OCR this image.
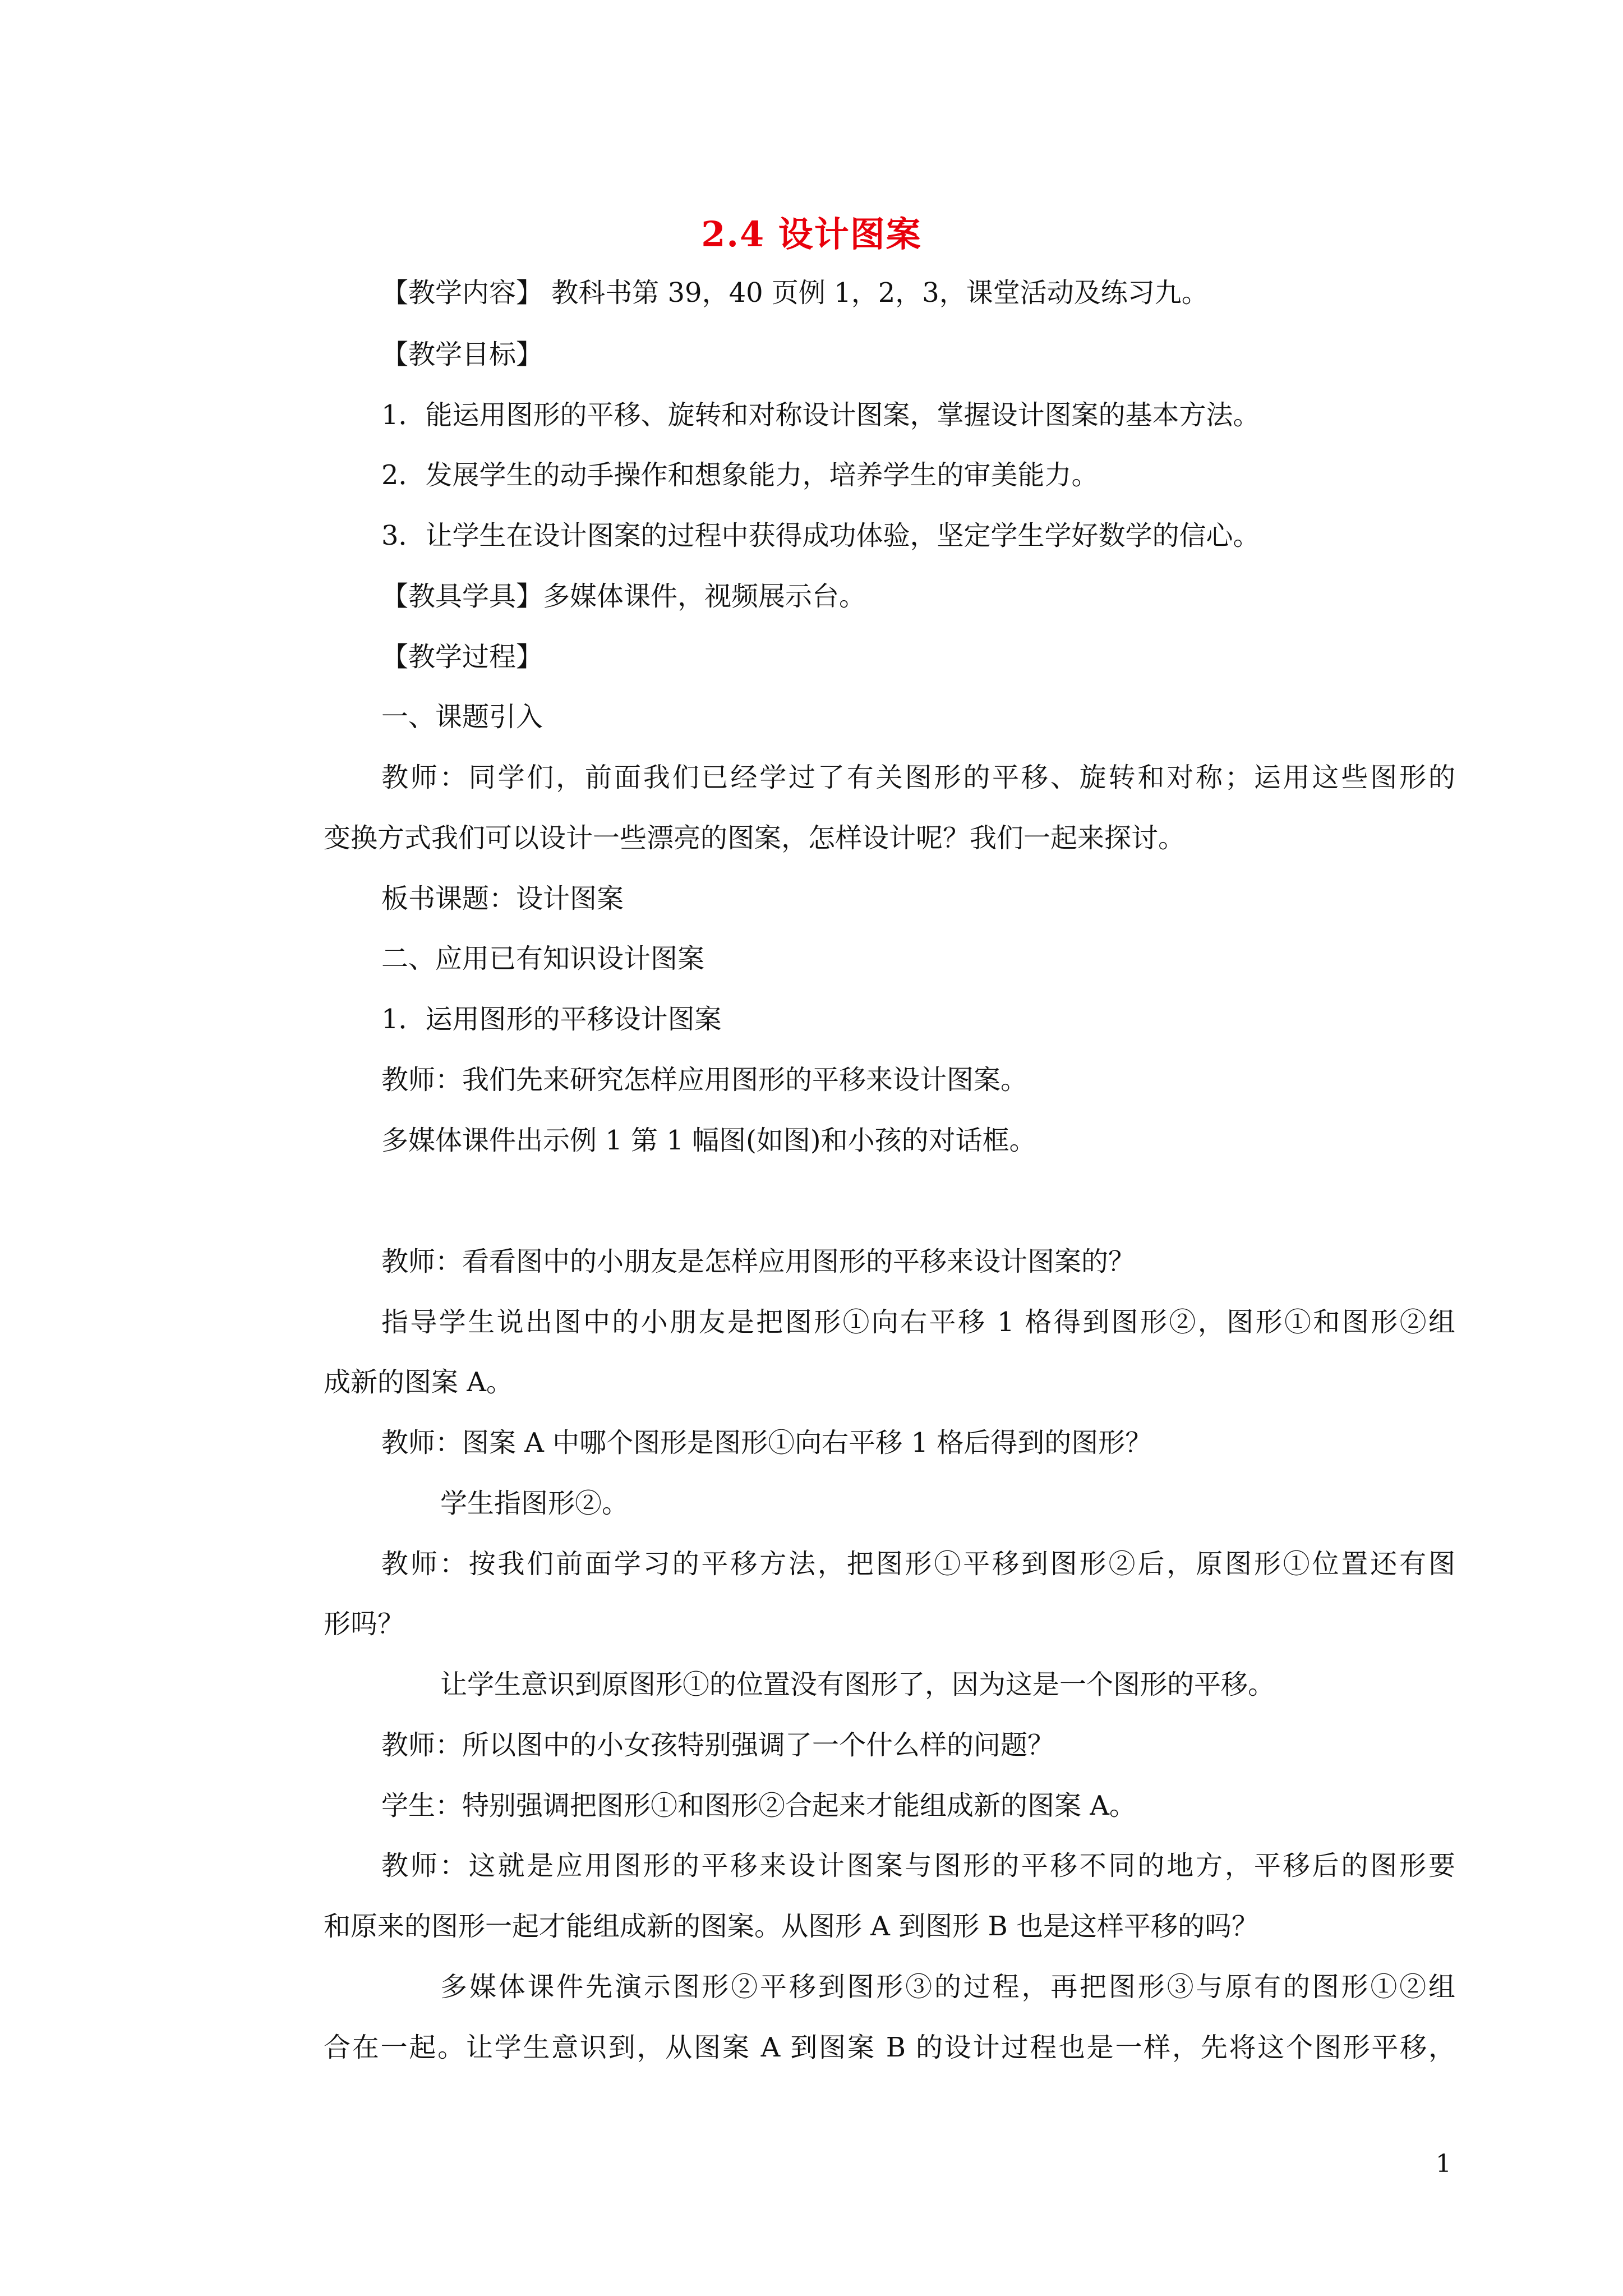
2.4 设计图案
【教学内容】 教科书第 39，40 页例 1，2，3，课堂活动及练习九。
【教学目标】
1．能运用图形的平移、旋转和对称设计图案，掌握设计图案的基本方法。
2．发展学生的动手操作和想象能力，培养学生的审美能力。
3．让学生在设计图案的过程中获得成功体验，坚定学生学好数学的信心。
【教具学具】多媒体课件，视频展示台。
【教学过程】
一、课题引入
教师：同学们，前面我们已经学过了有关图形的平移、旋转和对称；运用这些图形的
变换方式我们可以设计一些漂亮的图案，怎样设计呢？我们一起来探讨。
板书课题：设计图案
二、应用已有知识设计图案
1．运用图形的平移设计图案
教师：我们先来研究怎样应用图形的平移来设计图案。
多媒体课件出示例 1 第 1 幅图(如图)和小孩的对话框。
教师：看看图中的小朋友是怎样应用图形的平移来设计图案的？
指导学生说出图中的小朋友是把图形①向右平移 1 格得到图形②，图形①和图形②组
成新的图案 A。
教师：图案 A 中哪个图形是图形①向右平移 1 格后得到的图形？
学生指图形②。
教师：按我们前面学习的平移方法，把图形①平移到图形②后，原图形①位置还有图
形吗？
让学生意识到原图形①的位置没有图形了，因为这是一个图形的平移。
教师：所以图中的小女孩特别强调了一个什么样的问题？
学生：特别强调把图形①和图形②合起来才能组成新的图案 A。
教师：这就是应用图形的平移来设计图案与图形的平移不同的地方，平移后的图形要
和原来的图形一起才能组成新的图案。从图形 A 到图形 B 也是这样平移的吗？
多媒体课件先演示图形②平移到图形③的过程，再把图形③与原有的图形①②组
合在一起。让学生意识到，从图案 A 到图案 B 的设计过程也是一样，先将这个图形平移，
1
